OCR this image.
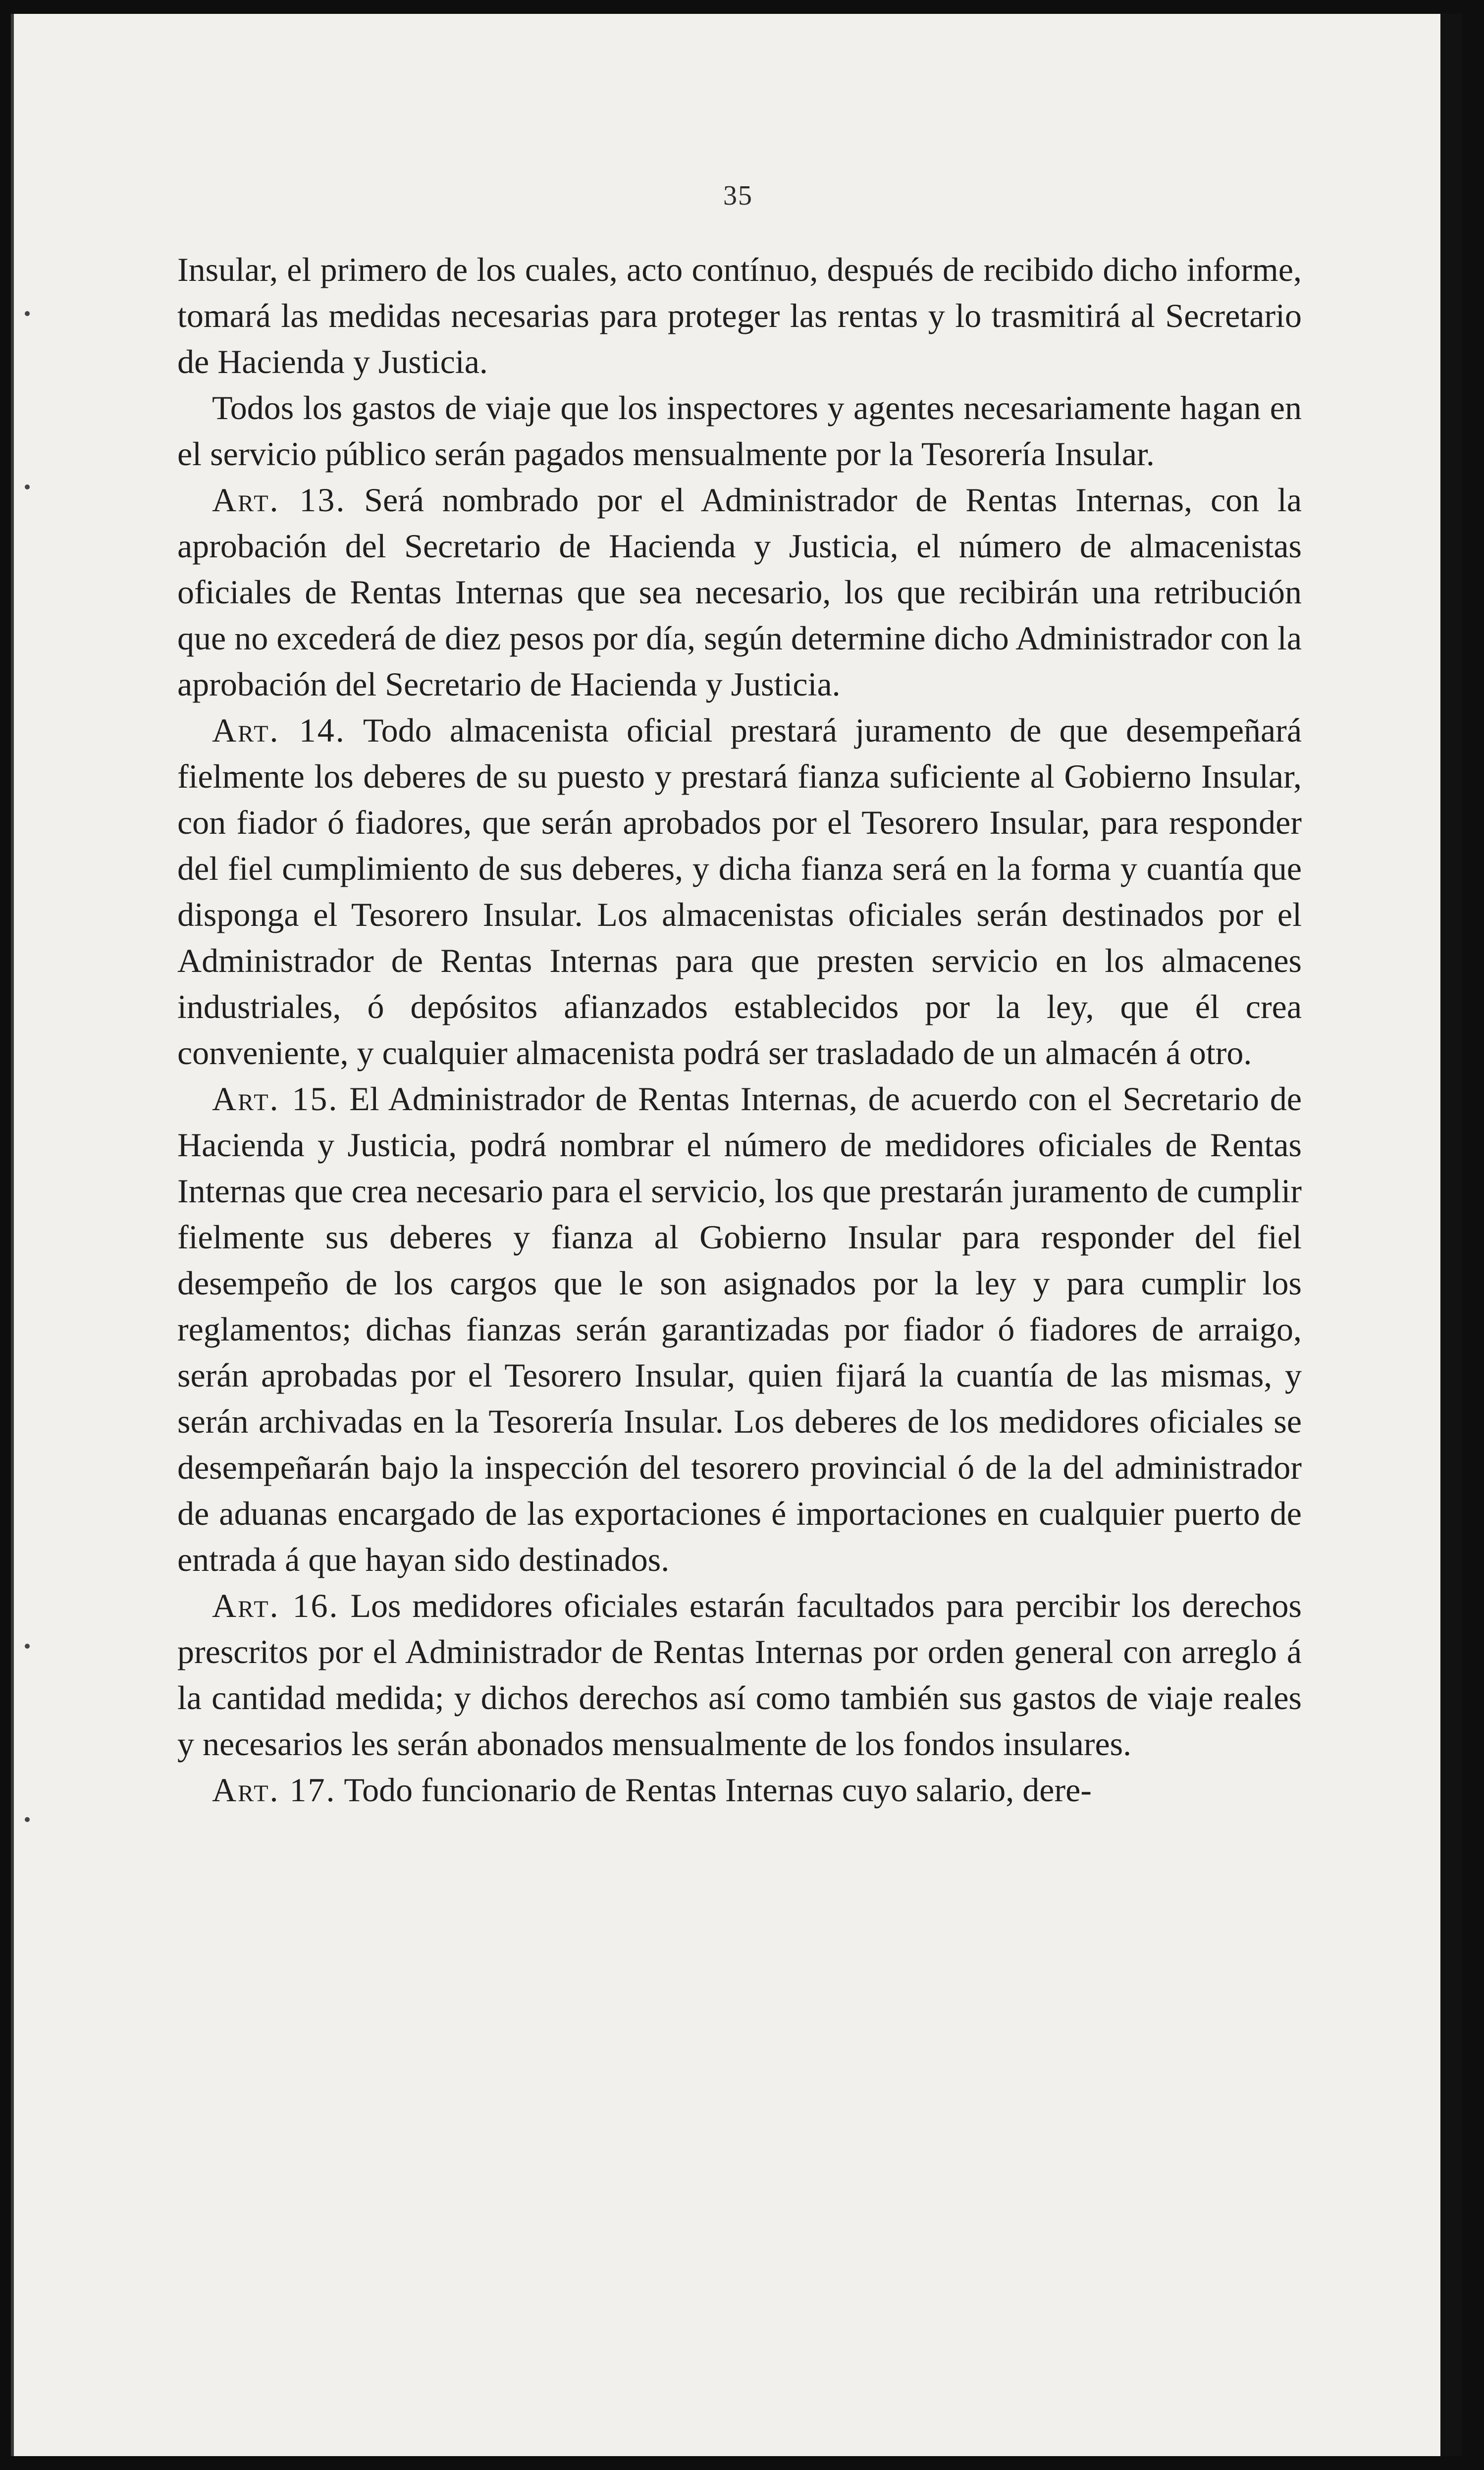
35

Insular, el primero de los cuales, acto contínuo, después de recibido dicho informe, tomará las medidas necesarias para proteger las rentas y lo trasmitirá al Secretario de Hacienda y Justicia.

Todos los gastos de viaje que los inspectores y agentes necesariamente hagan en el servicio público serán pagados mensualmente por la Tesorería Insular.

Art. 13. Será nombrado por el Administrador de Rentas Internas, con la aprobación del Secretario de Hacienda y Justicia, el número de almacenistas oficiales de Rentas Internas que sea necesario, los que recibirán una retribución que no excederá de diez pesos por día, según determine dicho Administrador con la aprobación del Secretario de Hacienda y Justicia.

Art. 14. Todo almacenista oficial prestará juramento de que desempeñará fielmente los deberes de su puesto y prestará fianza suficiente al Gobierno Insular, con fiador ó fiadores, que serán aprobados por el Tesorero Insular, para responder del fiel cumplimiento de sus deberes, y dicha fianza será en la forma y cuantía que disponga el Tesorero Insular. Los almacenistas oficiales serán destinados por el Administrador de Rentas Internas para que presten servicio en los almacenes industriales, ó depósitos afianzados establecidos por la ley, que él crea conveniente, y cualquier almacenista podrá ser trasladado de un almacén á otro.

Art. 15. El Administrador de Rentas Internas, de acuerdo con el Secretario de Hacienda y Justicia, podrá nombrar el número de medidores oficiales de Rentas Internas que crea necesario para el servicio, los que prestarán juramento de cumplir fielmente sus deberes y fianza al Gobierno Insular para responder del fiel desempeño de los cargos que le son asignados por la ley y para cumplir los reglamentos; dichas fianzas serán garantizadas por fiador ó fiadores de arraigo, serán aprobadas por el Tesorero Insular, quien fijará la cuantía de las mismas, y serán archivadas en la Tesorería Insular. Los deberes de los medidores oficiales se desempeñarán bajo la inspección del tesorero provincial ó de la del administrador de aduanas encargado de las exportaciones é importaciones en cualquier puerto de entrada á que hayan sido destinados.

Art. 16. Los medidores oficiales estarán facultados para percibir los derechos prescritos por el Administrador de Rentas Internas por orden general con arreglo á la cantidad medida; y dichos derechos así como también sus gastos de viaje reales y necesarios les serán abonados mensualmente de los fondos insulares.

Art. 17. Todo funcionario de Rentas Internas cuyo salario, dere-
